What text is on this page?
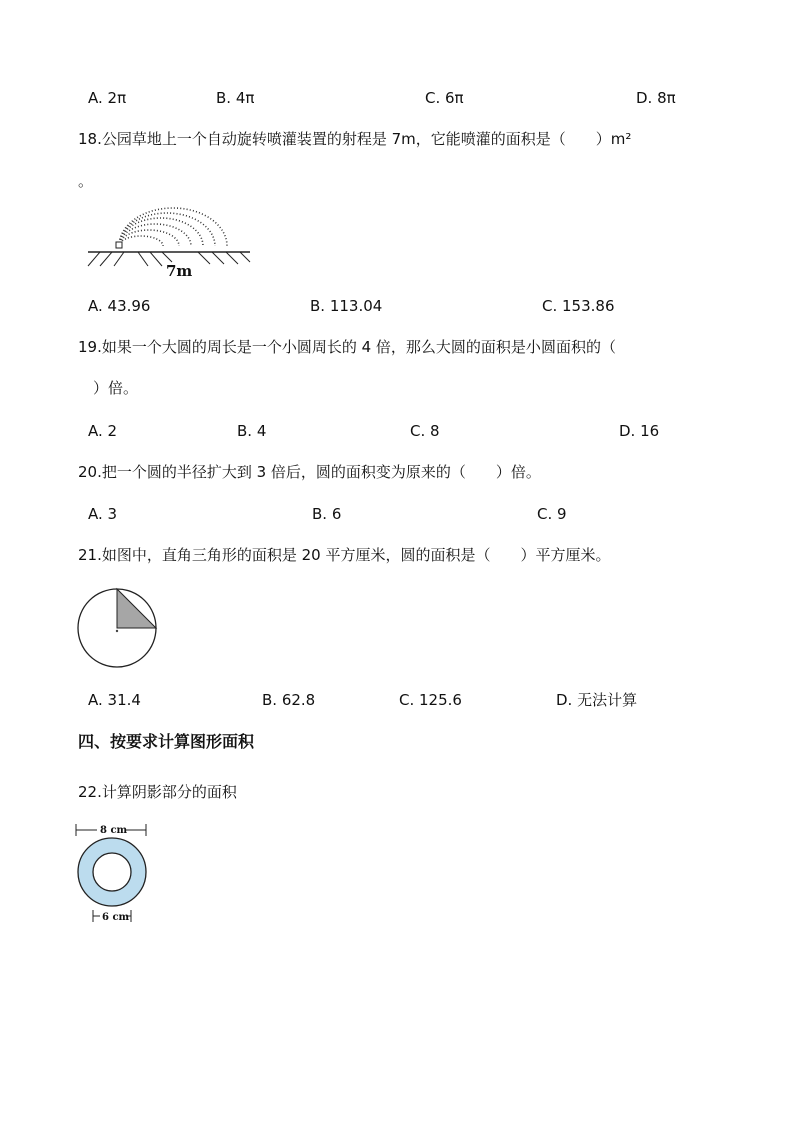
A. 2π	B. 4π	C. 6π	D. 8π
18.公园草地上一个自动旋转喷灌装置的射程是 7m，它能喷灌的面积是（　　）m²
。
7m
A. 43.96	B. 113.04	C. 153.86
19.如果一个大圆的周长是一个小圆周长的 4 倍，那么大圆的面积是小圆面积的（
　）倍。
A. 2	B. 4	C. 8	D. 16
20.把一个圆的半径扩大到 3 倍后，圆的面积变为原来的（　　）倍。
A. 3	B. 6	C. 9
21.如图中，直角三角形的面积是 20 平方厘米，圆的面积是（　　）平方厘米。
A. 31.4	B. 62.8	C. 125.6	D. 无法计算
四、按要求计算图形面积
22.计算阴影部分的面积
8 cm
6 cm
